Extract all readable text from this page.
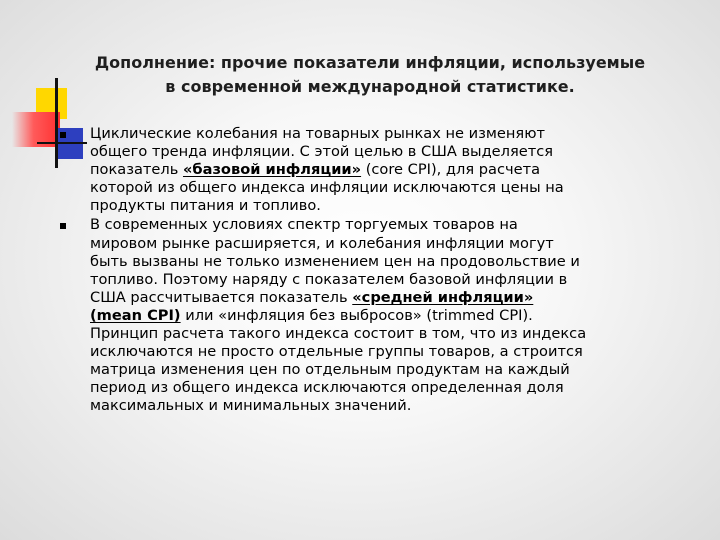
Дополнение: прочие показатели инфляции, используемые
в современной международной статистике.

Циклические колебания на товарных рынках не изменяют

общего тренда инфляции. С этой целью в США выделяется

показатель «базовой инфляции» (core CPI), для расчета

которой из общего индекса инфляции исключаются цены на

продукты питания и топливо.

В современных условиях спектр торгуемых товаров на

мировом рынке расширяется, и колебания инфляции могут

быть вызваны не только изменением цен на продовольствие и

топливо. Поэтому наряду с показателем базовой инфляции в

США рассчитывается показатель «средней инфляции»

(mean CPI) или «инфляция без выбросов» (trimmed CPI).

Принцип расчета такого индекса состоит в том, что из индекса

исключаются не просто отдельные группы товаров, а строится

матрица изменения цен по отдельным продуктам на каждый

период из общего индекса исключаются определенная доля

максимальных и минимальных значений.
